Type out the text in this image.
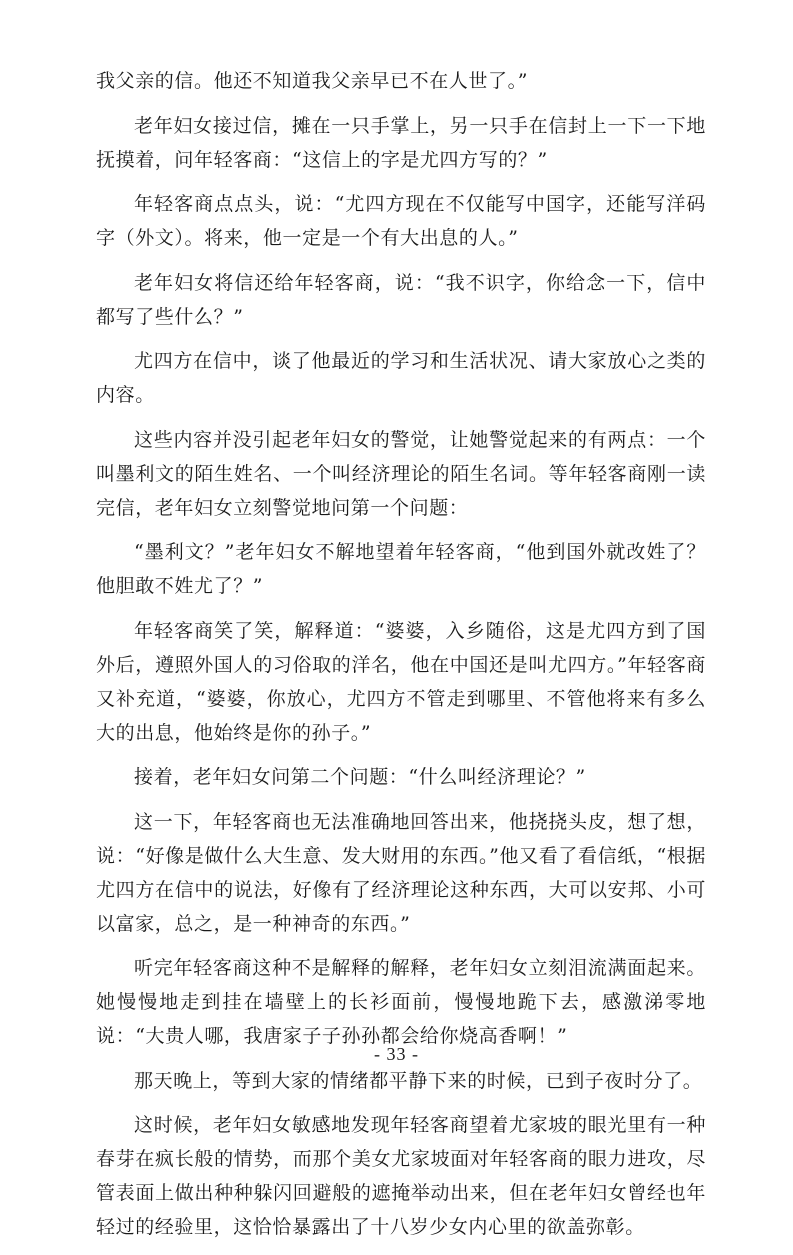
我父亲的信。他还不知道我父亲早已不在人世了。”

老年妇女接过信，摊在一只手掌上，另一只手在信封上一下一下地抚摸着，问年轻客商：“这信上的字是尤四方写的？”

年轻客商点点头，说：“尤四方现在不仅能写中国字，还能写洋码字（外文）。将来，他一定是一个有大出息的人。”

老年妇女将信还给年轻客商，说：“我不识字，你给念一下，信中都写了些什么？”

尤四方在信中，谈了他最近的学习和生活状况、请大家放心之类的内容。

这些内容并没引起老年妇女的警觉，让她警觉起来的有两点：一个叫墨利文的陌生姓名、一个叫经济理论的陌生名词。等年轻客商刚一读完信，老年妇女立刻警觉地问第一个问题：

“墨利文？”老年妇女不解地望着年轻客商，“他到国外就改姓了？他胆敢不姓尤了？”

年轻客商笑了笑，解释道：“婆婆，入乡随俗，这是尤四方到了国外后，遵照外国人的习俗取的洋名，他在中国还是叫尤四方。”年轻客商又补充道，“婆婆，你放心，尤四方不管走到哪里、不管他将来有多么大的出息，他始终是你的孙子。”

接着，老年妇女问第二个问题：“什么叫经济理论？”

这一下，年轻客商也无法准确地回答出来，他挠挠头皮，想了想，说：“好像是做什么大生意、发大财用的东西。”他又看了看信纸，“根据尤四方在信中的说法，好像有了经济理论这种东西，大可以安邦、小可以富家，总之，是一种神奇的东西。”

听完年轻客商这种不是解释的解释，老年妇女立刻泪流满面起来。她慢慢地走到挂在墙壁上的长衫面前，慢慢地跪下去，感激涕零地说：“大贵人哪，我唐家子子孙孙都会给你烧高香啊！”

那天晚上，等到大家的情绪都平静下来的时候，已到子夜时分了。

这时候，老年妇女敏感地发现年轻客商望着尤家坡的眼光里有一种春芽在疯长般的情势，而那个美女尤家坡面对年轻客商的眼力进攻，尽管表面上做出种种躲闪回避般的遮掩举动出来，但在老年妇女曾经也年轻过的经验里，这恰恰暴露出了十八岁少女内心里的欲盖弥彰。

- 33 -
